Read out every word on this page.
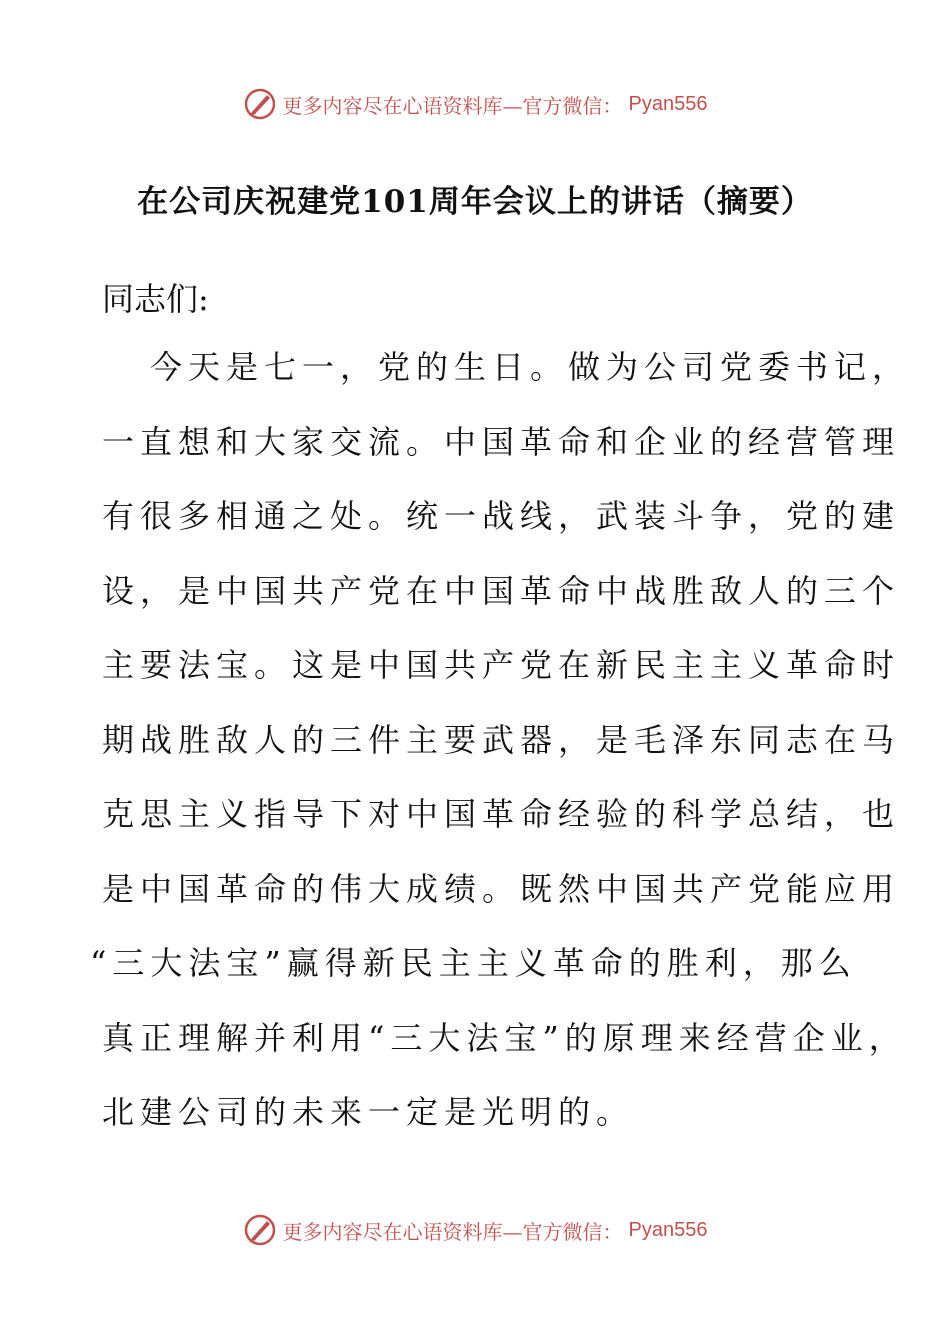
更多内容尽在心语资料库—官方微信： Pyan556
在公司庆祝建党101周年会议上的讲话（摘要）
同志们:
今天是七一，党的生日。做为公司党委书记，
一直想和大家交流。中国革命和企业的经营管理
有很多相通之处。统一战线，武装斗争，党的建
设，是中国共产党在中国革命中战胜敌人的三个
主要法宝。这是中国共产党在新民主主义革命时
期战胜敌人的三件主要武器，是毛泽东同志在马
克思主义指导下对中国革命经验的科学总结，也
是中国革命的伟大成绩。既然中国共产党能应用
“三大法宝”赢得新民主主义革命的胜利，那么
真正理解并利用“三大法宝”的原理来经营企业，
北建公司的未来一定是光明的。
更多内容尽在心语资料库—官方微信： Pyan556
